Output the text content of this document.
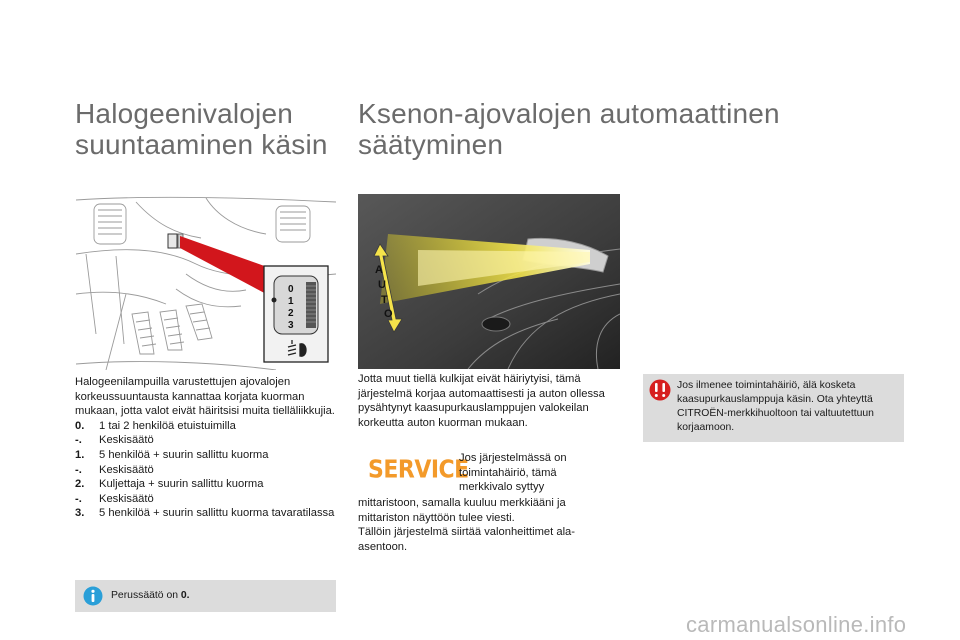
Halogeenivalojen
suuntaaminen käsin
Ksenon-ajovalojen automaattinen
säätyminen
0
1
2
3
Halogeenilampuilla varustettujen ajovalojen korkeussuuntausta kannattaa korjata kuorman mukaan, jotta valot eivät häiritsisi muita tielläliikkujia.
0.	1 tai 2 henkilöä etuistuimilla
-.	Keskisäätö
1.	5 henkilöä + suurin sallittu kuorma
-.	Keskisäätö
2.	Kuljettaja + suurin sallittu kuorma
-.	Keskisäätö
3.	5 henkilöä + suurin sallittu kuorma tavaratilassa
Perussäätö on 0.
A
U
T
O
Jotta muut tiellä kulkijat eivät häiriytyisi, tämä järjestelmä korjaa automaattisesti ja auton ollessa pysähtynyt kaasupurkauslamppujen valokeilan korkeutta auton kuorman mukaan.
SERVICE
Jos järjestelmässä on
toimintahäiriö, tämä
merkkivalo syttyy
mittaristoon, samalla kuuluu merkkiääni ja
mittariston näyttöön tulee viesti.
Tällöin järjestelmä siirtää valonheittimet ala-
asentoon.
Jos ilmenee toimintahäiriö, älä kosketa kaasupurkauslamppuja käsin. Ota yhteyttä CITROËN-merkkihuoltoon tai valtuutettuun korjaamoon.
carmanualsonline.info
